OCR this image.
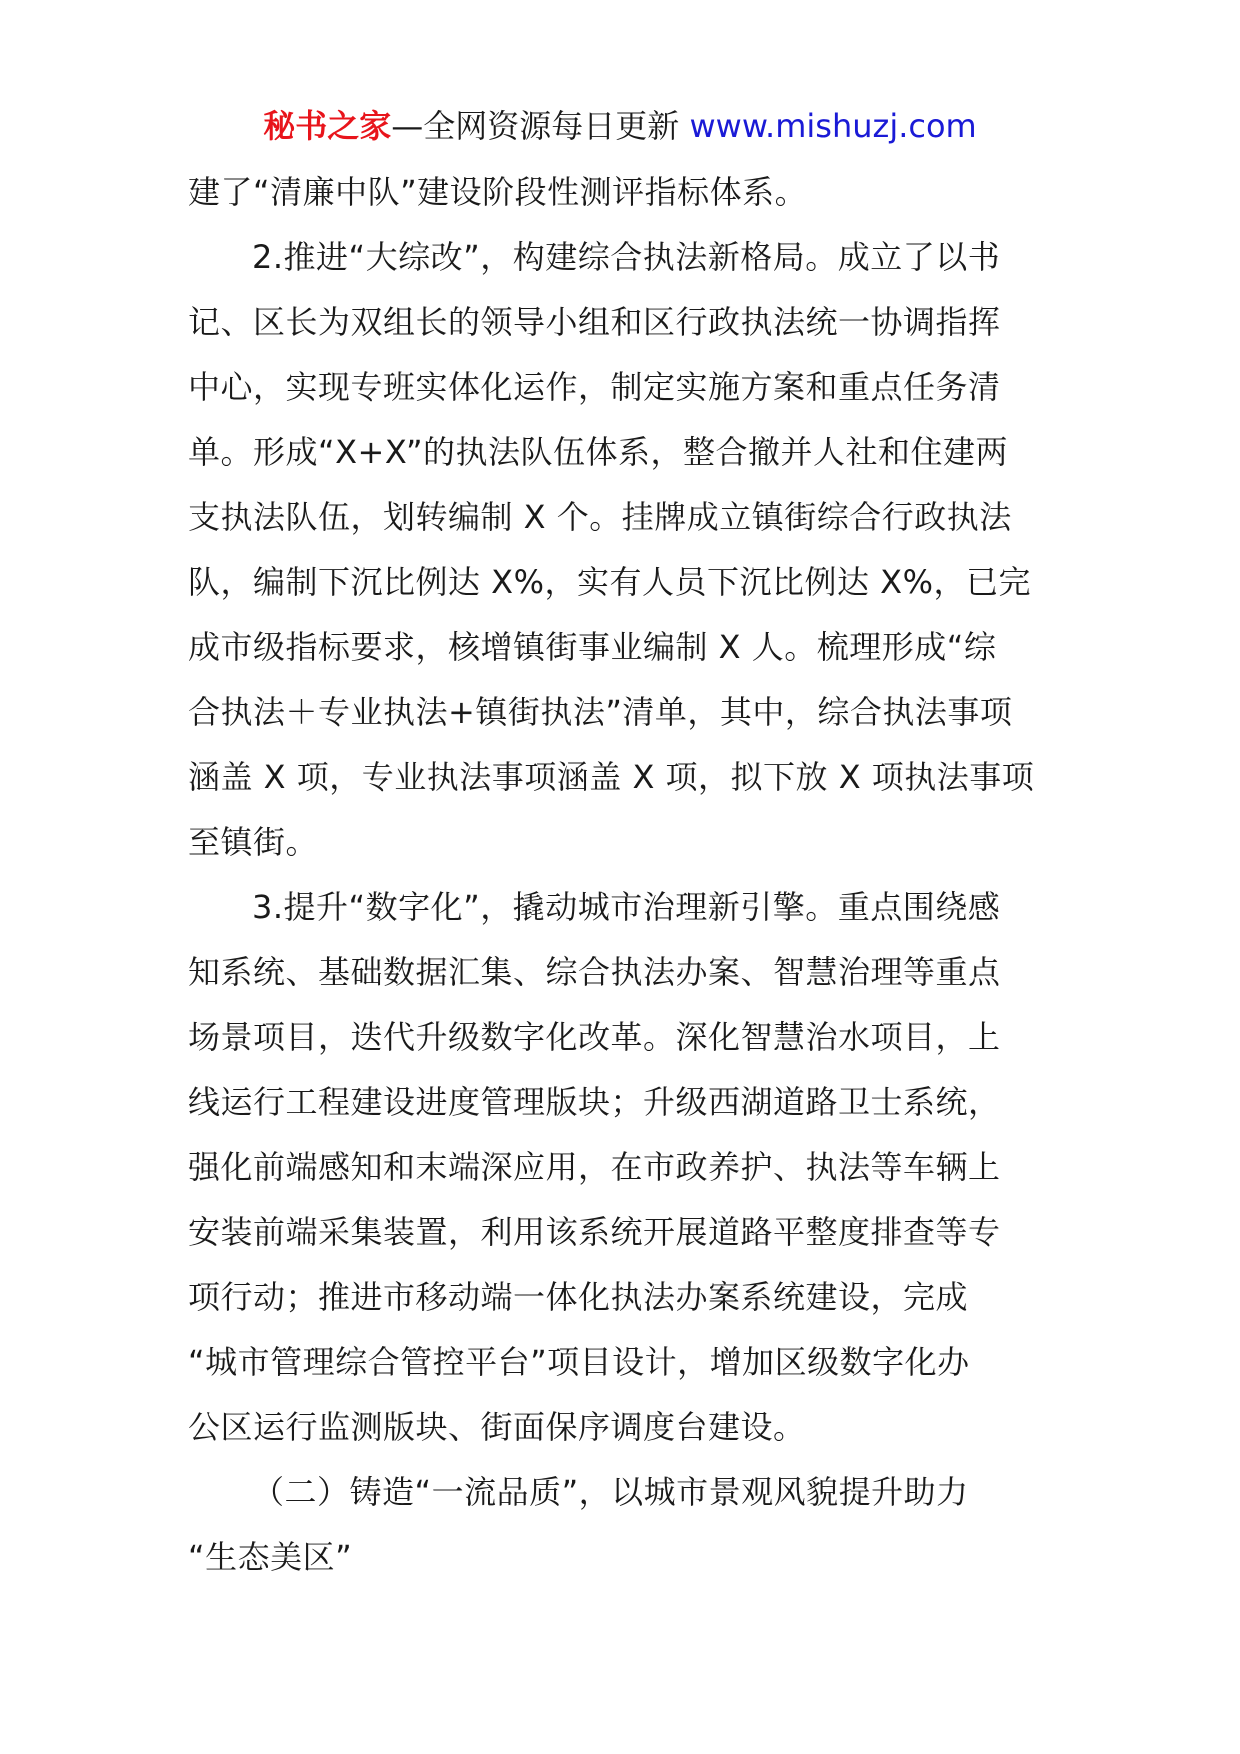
秘书之家—全网资源每日更新 www.mishuzj.com
建了“清廉中队”建设阶段性测评指标体系。
2.推进“大综改”，构建综合执法新格局。成立了以书
记、区长为双组长的领导小组和区行政执法统一协调指挥
中心，实现专班实体化运作，制定实施方案和重点任务清
单。形成“X+X”的执法队伍体系，整合撤并人社和住建两
支执法队伍，划转编制 X 个。挂牌成立镇街综合行政执法
队，编制下沉比例达 X%，实有人员下沉比例达 X%，已完
成市级指标要求，核增镇街事业编制 X 人。梳理形成“综
合执法＋专业执法+镇街执法”清单，其中，综合执法事项
涵盖 X 项，专业执法事项涵盖 X 项，拟下放 X 项执法事项
至镇街。
3.提升“数字化”，撬动城市治理新引擎。重点围绕感
知系统、基础数据汇集、综合执法办案、智慧治理等重点
场景项目，迭代升级数字化改革。深化智慧治水项目，上
线运行工程建设进度管理版块；升级西湖道路卫士系统，
强化前端感知和末端深应用，在市政养护、执法等车辆上
安装前端采集装置，利用该系统开展道路平整度排查等专
项行动；推进市移动端一体化执法办案系统建设，完成
“城市管理综合管控平台”项目设计，增加区级数字化办
公区运行监测版块、街面保序调度台建设。
（二）铸造“一流品质”，以城市景观风貌提升助力
“生态美区”
